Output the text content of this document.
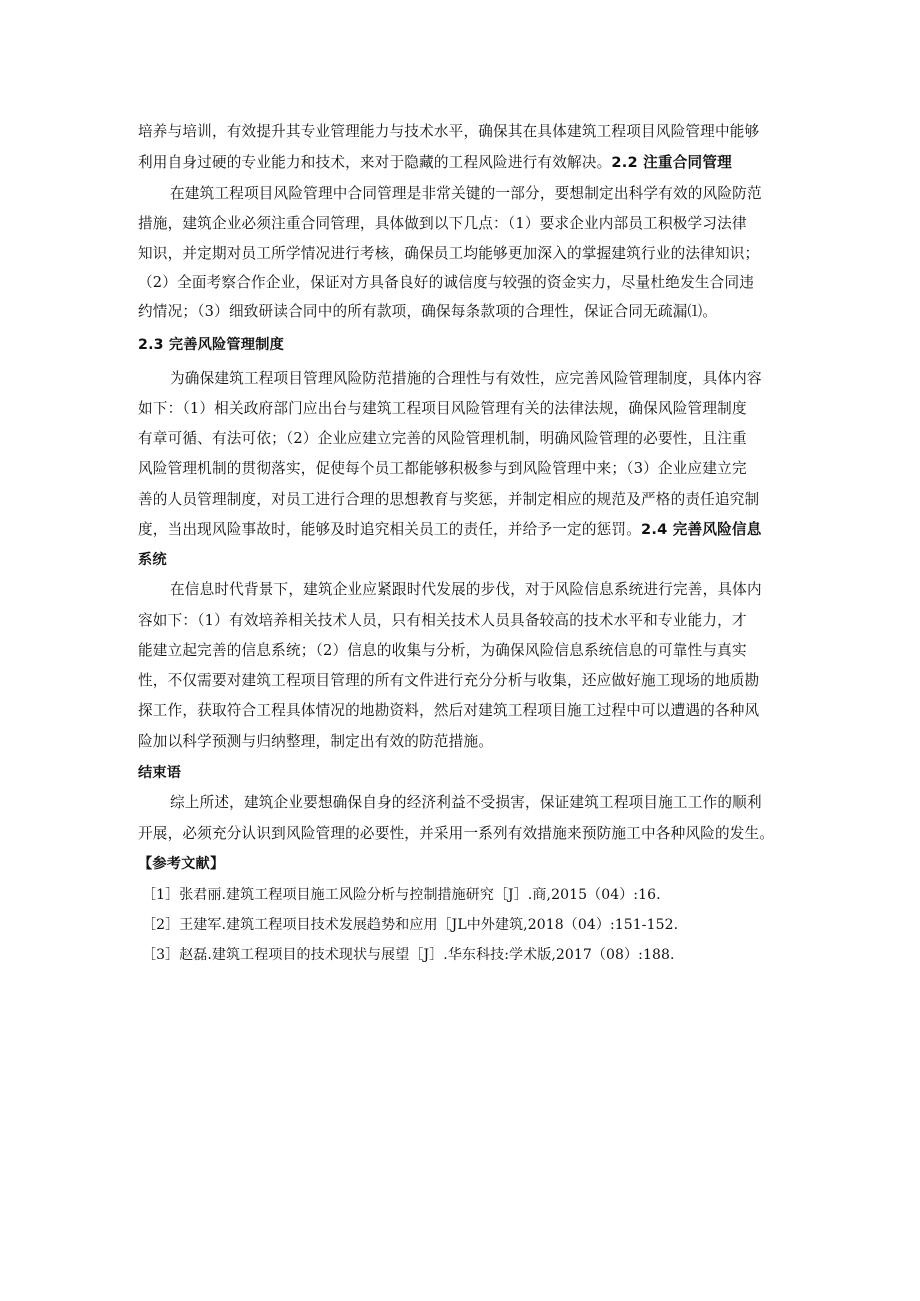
培养与培训，有效提升其专业管理能力与技术水平，确保其在具体建筑工程项目风险管理中能够
利用自身过硬的专业能力和技术，来对于隐藏的工程风险进行有效解决。2.2 注重合同管理
在建筑工程项目风险管理中合同管理是非常关键的一部分，要想制定出科学有效的风险防范
措施，建筑企业必须注重合同管理，具体做到以下几点：（1）要求企业内部员工积极学习法律
知识，并定期对员工所学情况进行考核，确保员工均能够更加深入的掌握建筑行业的法律知识；
（2）全面考察合作企业，保证对方具备良好的诚信度与较强的资金实力，尽量杜绝发生合同违
约情况；（3）细致研读合同中的所有款项，确保每条款项的合理性，保证合同无疏漏⑴。
2.3 完善风险管理制度
为确保建筑工程项目管理风险防范措施的合理性与有效性，应完善风险管理制度，具体内容
如下：（1）相关政府部门应出台与建筑工程项目风险管理有关的法律法规，确保风险管理制度
有章可循、有法可依；（2）企业应建立完善的风险管理机制，明确风险管理的必要性，且注重
风险管理机制的贯彻落实，促使每个员工都能够积极参与到风险管理中来；（3）企业应建立完
善的人员管理制度，对员工进行合理的思想教育与奖惩，并制定相应的规范及严格的责任追究制
度，当出现风险事故时，能够及时追究相关员工的责任，并给予一定的惩罚。2.4 完善风险信息
系统
在信息时代背景下，建筑企业应紧跟时代发展的步伐，对于风险信息系统进行完善，具体内
容如下：（1）有效培养相关技术人员，只有相关技术人员具备较高的技术水平和专业能力，才
能建立起完善的信息系统；（2）信息的收集与分析，为确保风险信息系统信息的可靠性与真实
性，不仅需要对建筑工程项目管理的所有文件进行充分分析与收集，还应做好施工现场的地质勘
探工作，获取符合工程具体情况的地勘资料，然后对建筑工程项目施工过程中可以遭遇的各种风
险加以科学预测与归纳整理，制定出有效的防范措施。
结束语
综上所述，建筑企业要想确保自身的经济利益不受损害，保证建筑工程项目施工工作的顺利
开展，必须充分认识到风险管理的必要性，并采用一系列有效措施来预防施工中各种风险的发生。
【参考文献】
［1］张君丽.建筑工程项目施工风险分析与控制措施研究［J］.商,2015（04）:16.
［2］王建军.建筑工程项目技术发展趋势和应用［JL中外建筑,2018（04）:151-152.
［3］赵磊.建筑工程项目的技术现状与展望［J］.华东科技:学术版,2017（08）:188.
